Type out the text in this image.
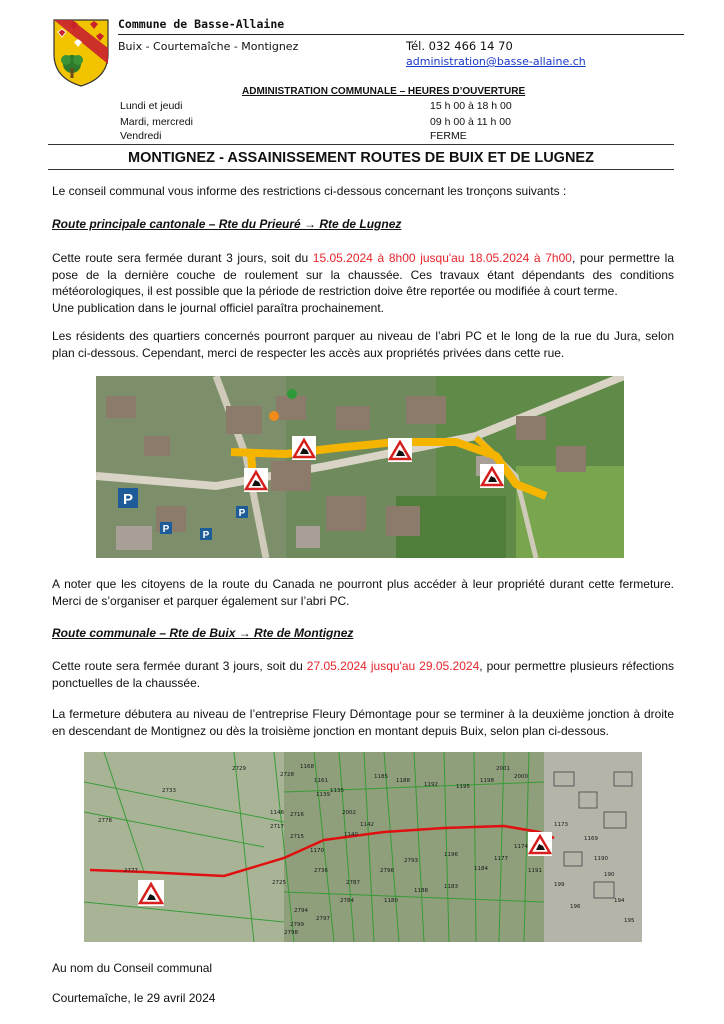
Commune de Basse-Allaine
Buix - Courtemaîche - Montignez	Tél. 032 466 14 70
administration@basse-allaine.ch
ADMINISTRATION COMMUNALE – HEURES D’OUVERTURE
Lundi et jeudi	15 h 00 à 18 h 00
Mardi, mercredi	09 h 00 à 11 h 00
Vendredi	FERME
MONTIGNEZ - ASSAINISSEMENT ROUTES DE BUIX ET DE LUGNEZ
Le conseil communal vous informe des restrictions ci-dessous concernant les tronçons suivants :
Route principale cantonale – Rte du Prieuré → Rte de Lugnez
Cette route sera fermée durant 3 jours, soit du 15.05.2024 à 8h00 jusqu'au 18.05.2024 à 7h00, pour permettre la pose de la dernière couche de roulement sur la chaussée. Ces travaux étant dépendants des conditions météorologiques, il est possible que la période de restriction doive être reportée ou modifiée à court terme.
Une publication dans le journal officiel paraîtra prochainement.
Les résidents des quartiers concernés pourront parquer au niveau de l’abri PC et le long de la rue du Jura, selon plan ci-dessous. Cependant, merci de respecter les accès aux propriétés privées dans cette rue.
P
P
P
P
A noter que les citoyens de la route du Canada ne pourront plus accéder à leur propriété durant cette fermeture. Merci de s’organiser et parquer également sur l’abri PC.
Route communale – Rte de Buix → Rte de Montignez
Cette route sera fermée durant 3 jours, soit du 27.05.2024 jusqu'au 29.05.2024, pour permettre plusieurs réfections ponctuelles de la chaussée.
La fermeture débutera au niveau de l’entreprise Fleury Démontage pour se terminer à la deuxième jonction à droite en descendant de Montignez ou dès la troisième jonction en montant depuis Buix, selon plan ci-dessous.
2733
2729
2728
1168
1161
1139
1135
1185
1188
1192	1195
1198
2000
2001
2002
1142
1140
1146 2716
2717
2715
1170
2725
2736
2784
2794
2799
2798
2797
2787
2796
2793
1180
1188
1183
1184
1177
1174
1173
1169
1190
190
194
195
196
199
1191
1196
2778
2777
Au nom du Conseil communal
Courtemaîche, le 29 avril 2024
